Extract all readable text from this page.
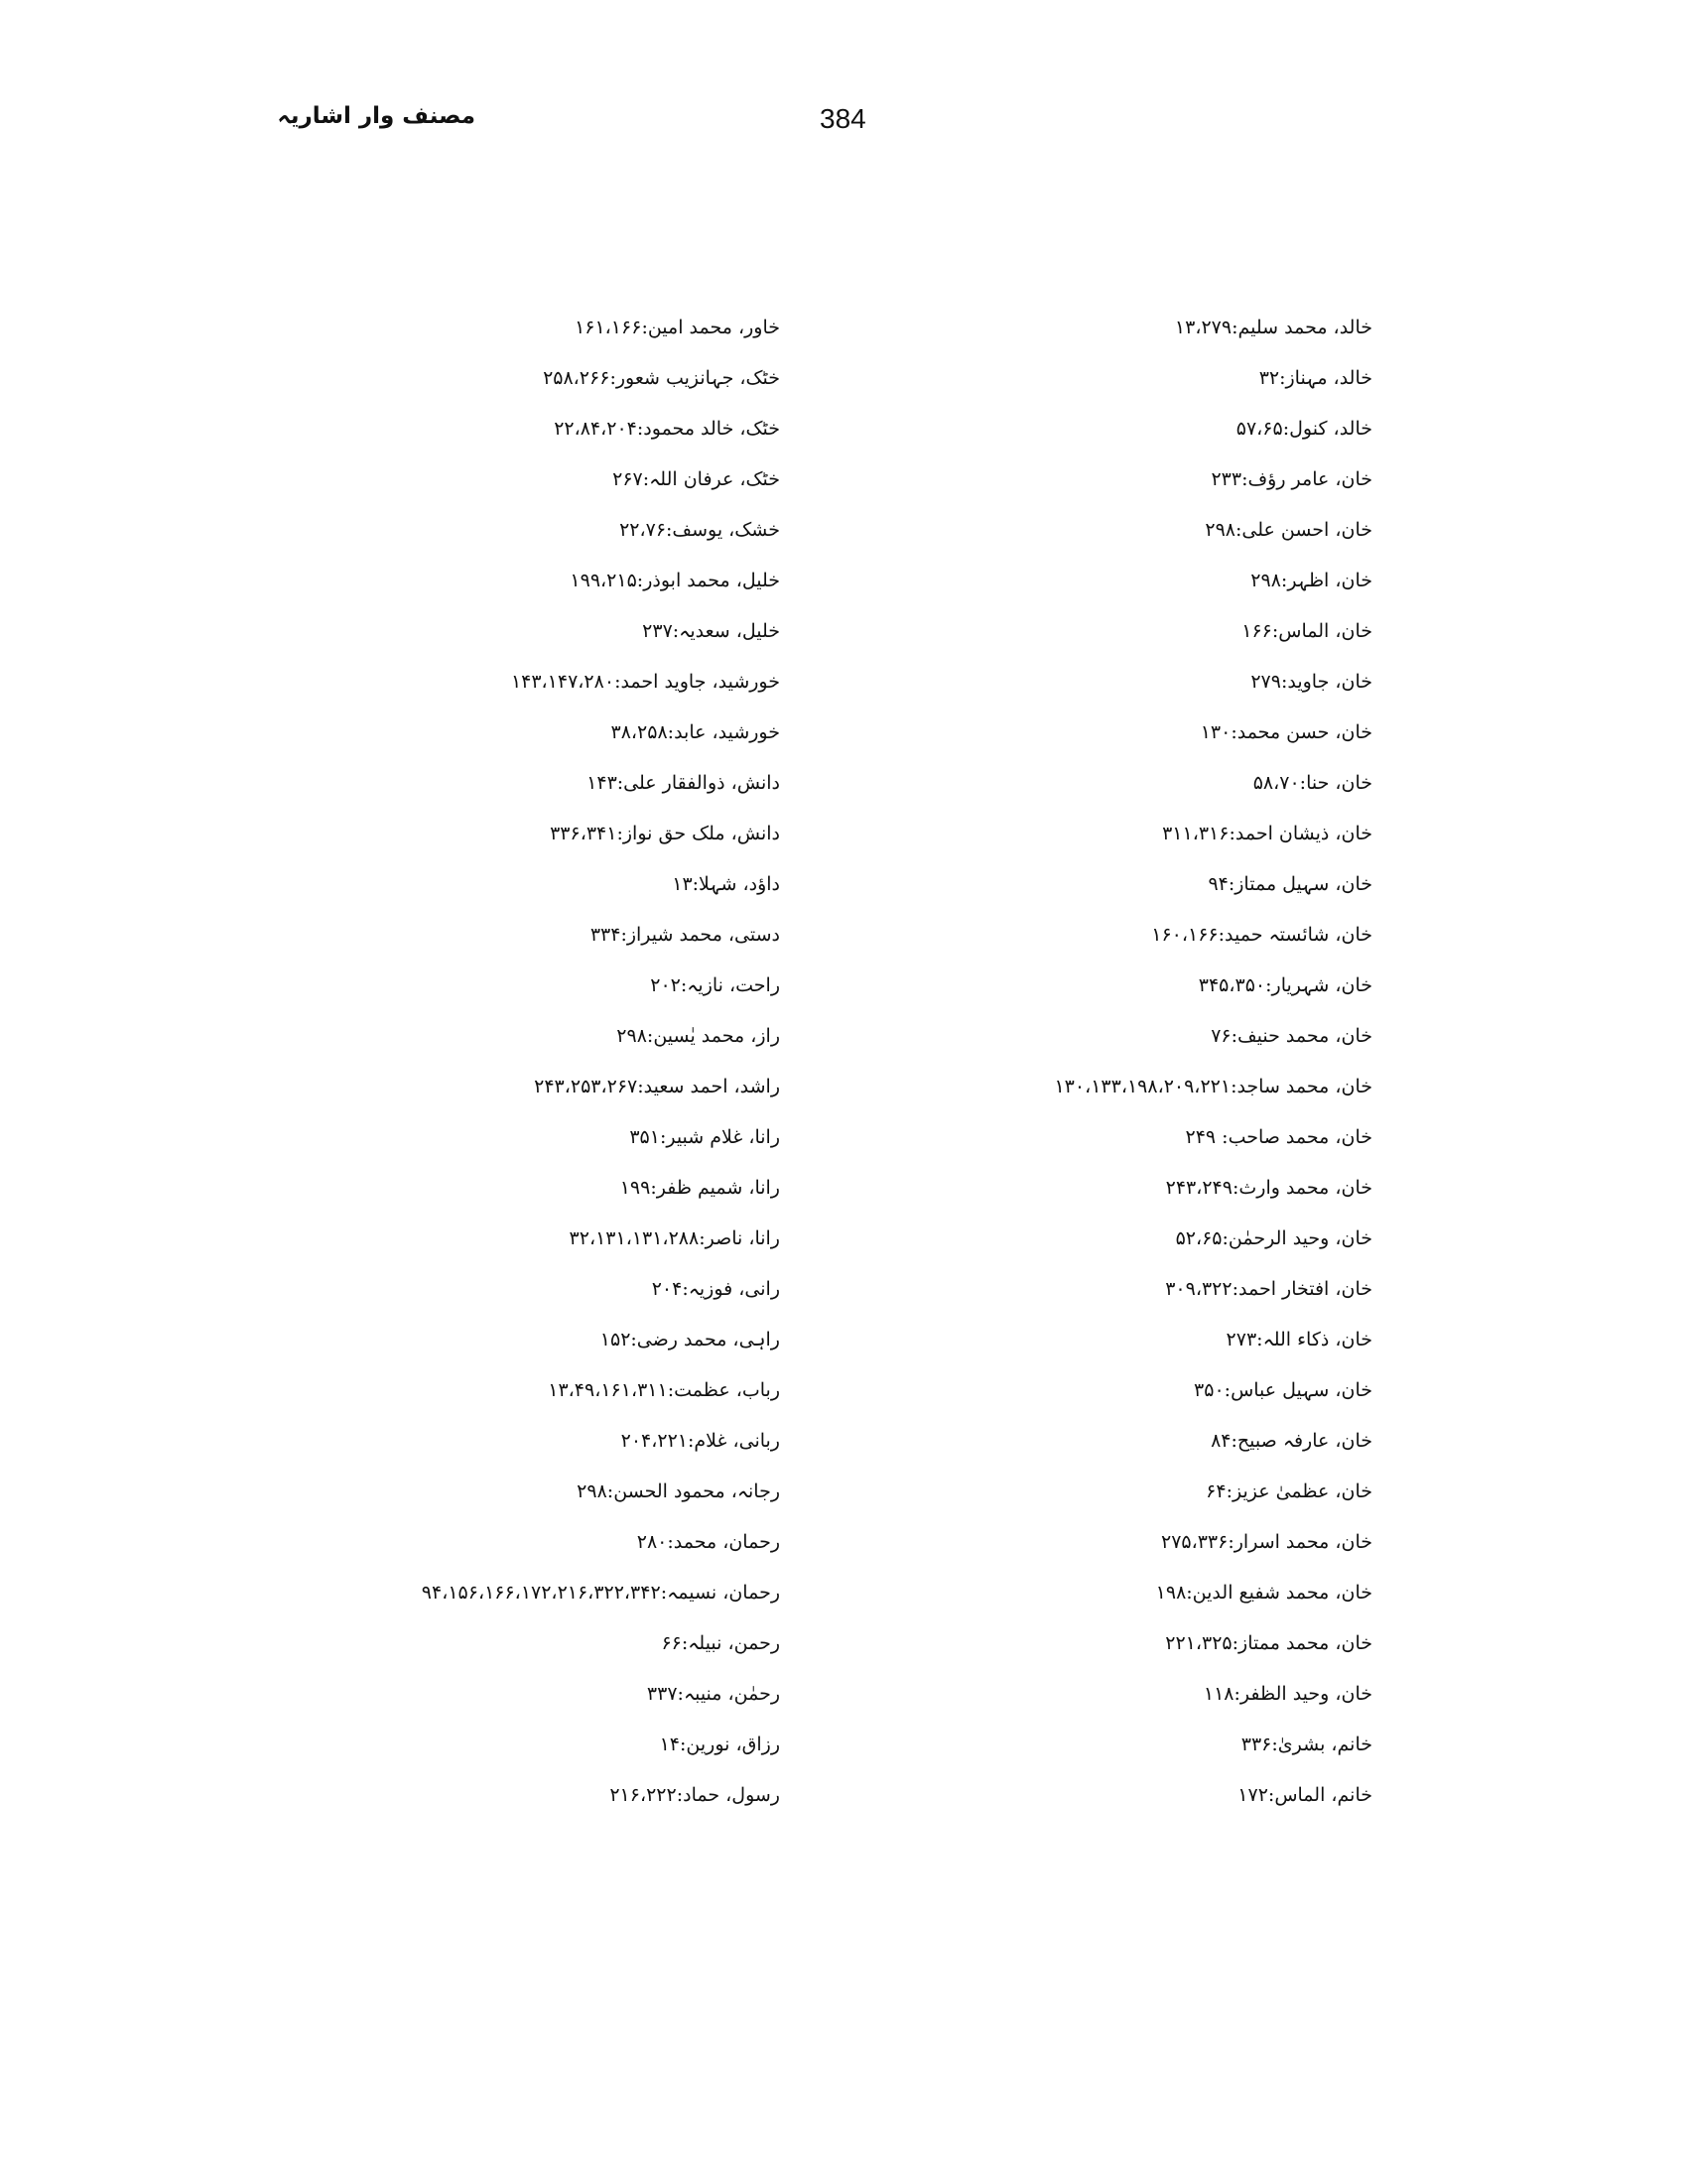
مصنف وار اشاریہ	384
خالد، محمد سلیم:۱۳،۲۷۹
خالد، مہناز:۳۲
خالد، کنول:۵۷،۶۵
خان، عامر رؤف:۲۳۳
خان، احسن علی:۲۹۸
خان، اظہر:۲۹۸
خان، الماس:۱۶۶
خان، جاوید:۲۷۹
خان، حسن محمد:۱۳۰
خان، حنا:۵۸،۷۰
خان، ذیشان احمد:۳۱۱،۳۱۶
خان، سہیل ممتاز:۹۴
خان، شائستہ حمید:۱۶۰،۱۶۶
خان، شہریار:۳۴۵،۳۵۰
خان، محمد حنیف:۷۶
خان، محمد ساجد:۱۳۰،۱۳۳،۱۹۸،۲۰۹،۲۲۱
خان، محمد صاحب: ۲۴۹
خان، محمد وارث:۲۴۳،۲۴۹
خان، وحید الرحمٰن:۵۲،۶۵
خان، افتخار احمد:۳۰۹،۳۲۲
خان، ذکاء اللہ:۲۷۳
خان، سہیل عباس:۳۵۰
خان، عارفہ صبیح:۸۴
خان، عظمیٰ عزیز:۶۴
خان، محمد اسرار:۲۷۵،۳۳۶
خان، محمد شفیع الدین:۱۹۸
خان، محمد ممتاز:۲۲۱،۳۲۵
خان، وحید الظفر:۱۱۸
خانم، بشریٰ:۳۳۶
خانم، الماس:۱۷۲
خاور، محمد امین:۱۶۱،۱۶۶
خٹک، جہانزیب شعور:۲۵۸،۲۶۶
خٹک، خالد محمود:۲۲،۸۴،۲۰۴
خٹک، عرفان اللہ:۲۶۷
خشک، یوسف:۲۲،۷۶
خلیل، محمد ابوذر:۱۹۹،۲۱۵
خلیل، سعدیہ:۲۳۷
خورشید، جاوید احمد:۱۴۳،۱۴۷،۲۸۰
خورشید، عابد:۳۸،۲۵۸
دانش، ذوالفقار علی:۱۴۳
دانش، ملک حق نواز:۳۳۶،۳۴۱
داؤد، شہلا:۱۳
دستی، محمد شیراز:۳۳۴
راحت، نازیہ:۲۰۲
راز، محمد یٰسین:۲۹۸
راشد، احمد سعید:۲۴۳،۲۵۳،۲۶۷
رانا، غلام شبیر:۳۵۱
رانا، شمیم ظفر:۱۹۹
رانا، ناصر:۳۲،۱۳۱،۱۳۱،۲۸۸
رانی، فوزیہ:۲۰۴
راہی، محمد رضی:۱۵۲
رباب، عظمت:۱۳،۴۹،۱۶۱،۳۱۱
ربانی، غلام:۲۰۴،۲۲۱
رجانہ، محمود الحسن:۲۹۸
رحمان، محمد:۲۸۰
رحمان، نسیمہ:۹۴،۱۵۶،۱۶۶،۱۷۲،۲۱۶،۳۲۲،۳۴۲
رحمن، نبیلہ:۶۶
رحمٰن، منیبہ:۳۳۷
رزاق، نورین:۱۴
رسول، حماد:۲۱۶،۲۲۲
